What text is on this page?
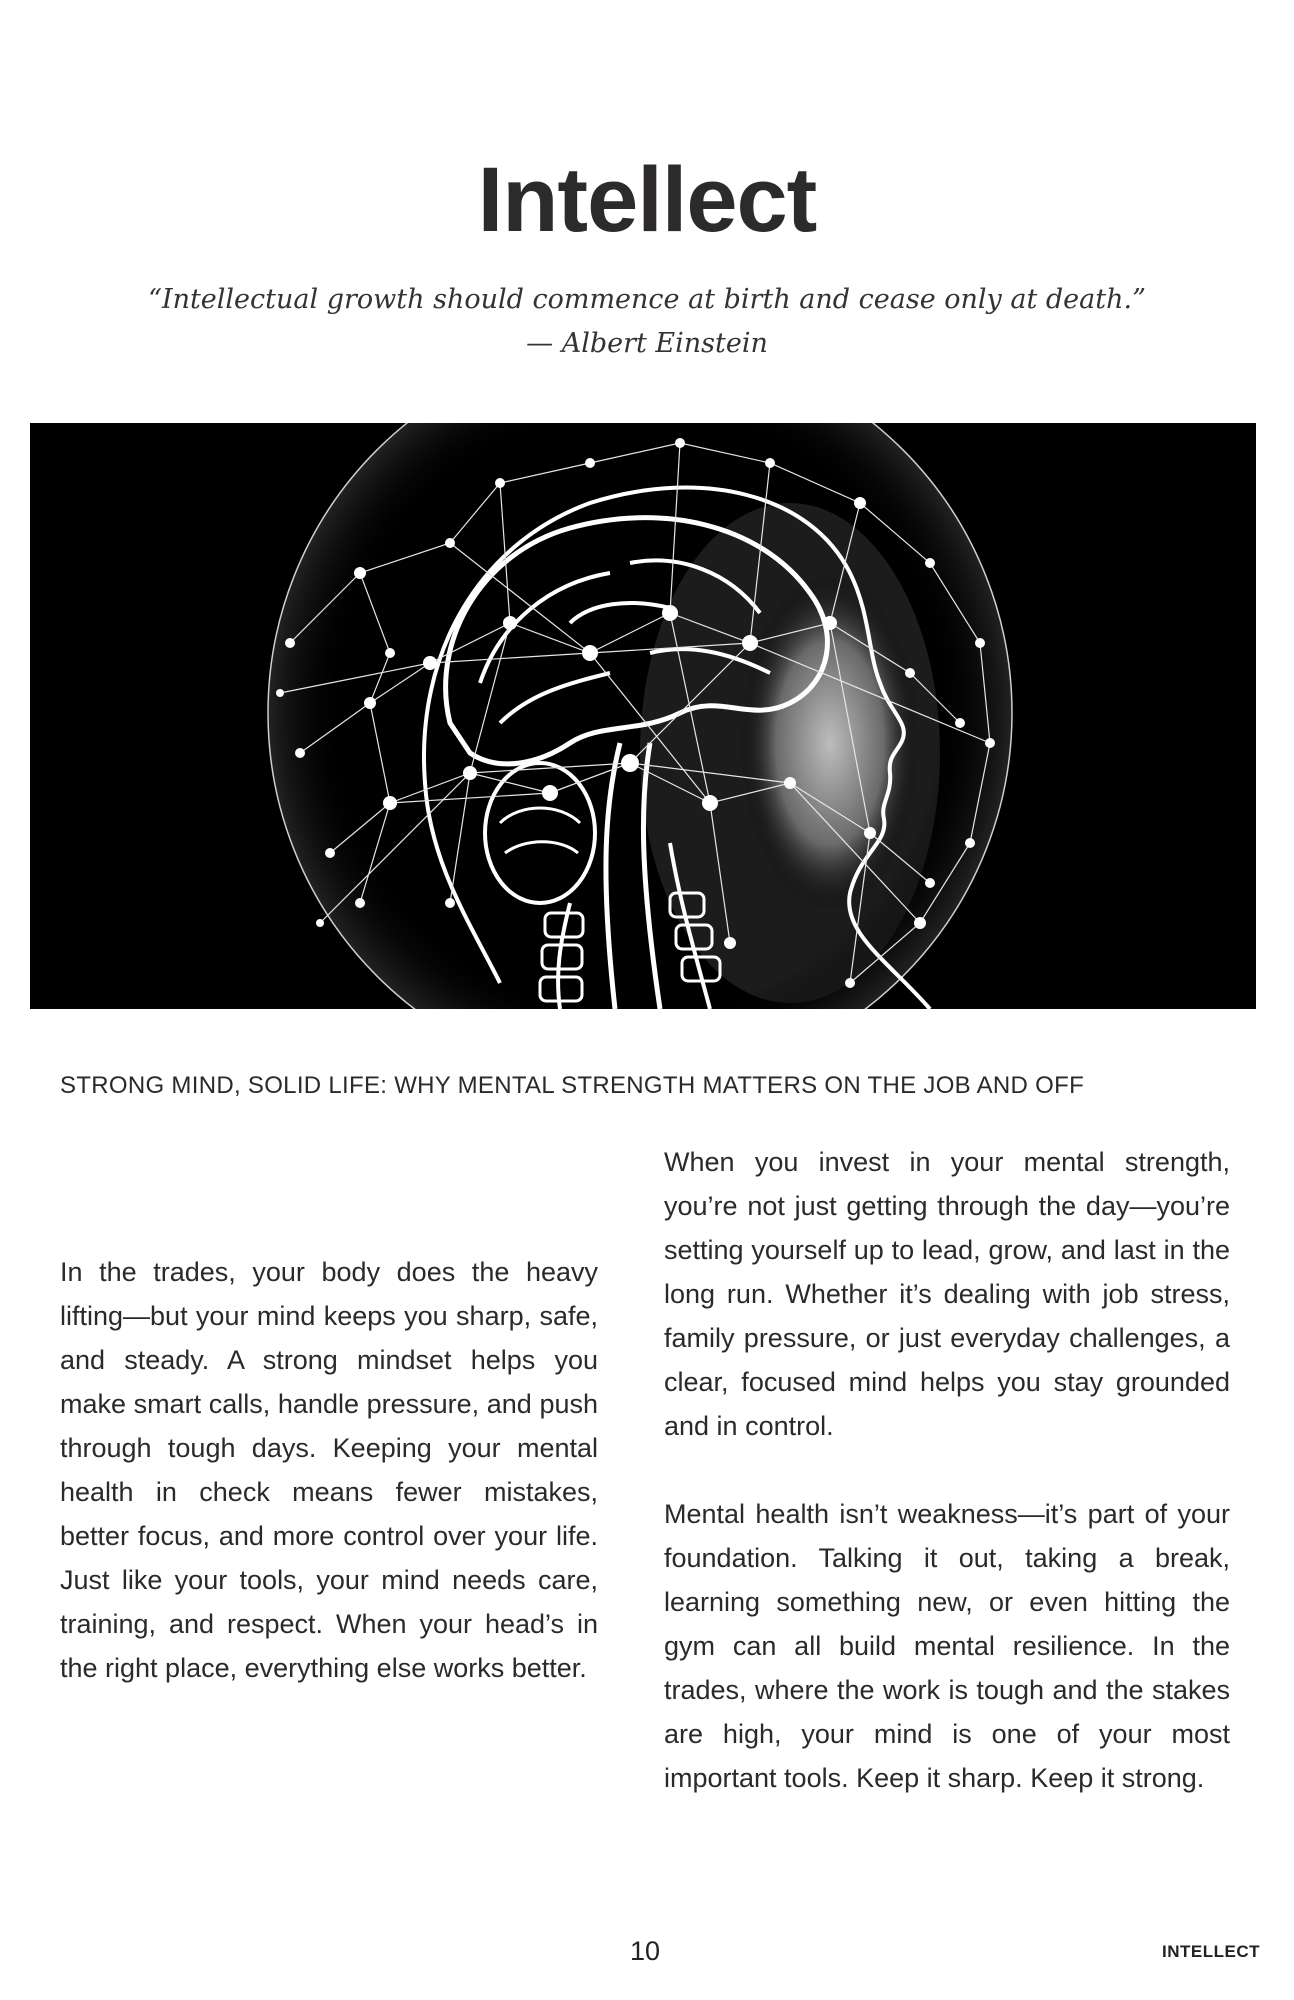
Intellect
“Intellectual growth should commence at birth and cease only at death.”
— Albert Einstein
STRONG MIND, SOLID LIFE: WHY MENTAL STRENGTH MATTERS ON THE JOB AND OFF

In the trades, your body does the heavy lifting—but your mind keeps you sharp, safe, and steady. A strong mindset helps you make smart calls, handle pressure, and push through tough days. Keeping your mental health in check means fewer mistakes, better focus, and more control over your life. Just like your tools, your mind needs care, training, and respect. When your head’s in the right place, everything else works better.

When you invest in your mental strength, you’re not just getting through the day—you’re setting yourself up to lead, grow, and last in the long run. Whether it’s dealing with job stress, family pressure, or just everyday challenges, a clear, focused mind helps you stay grounded and in control.

Mental health isn’t weakness—it’s part of your foundation. Talking it out, taking a break, learning something new, or even hitting the gym can all build mental resilience. In the trades, where the work is tough and the stakes are high, your mind is one of your most important tools. Keep it sharp. Keep it strong.

10	INTELLECT
